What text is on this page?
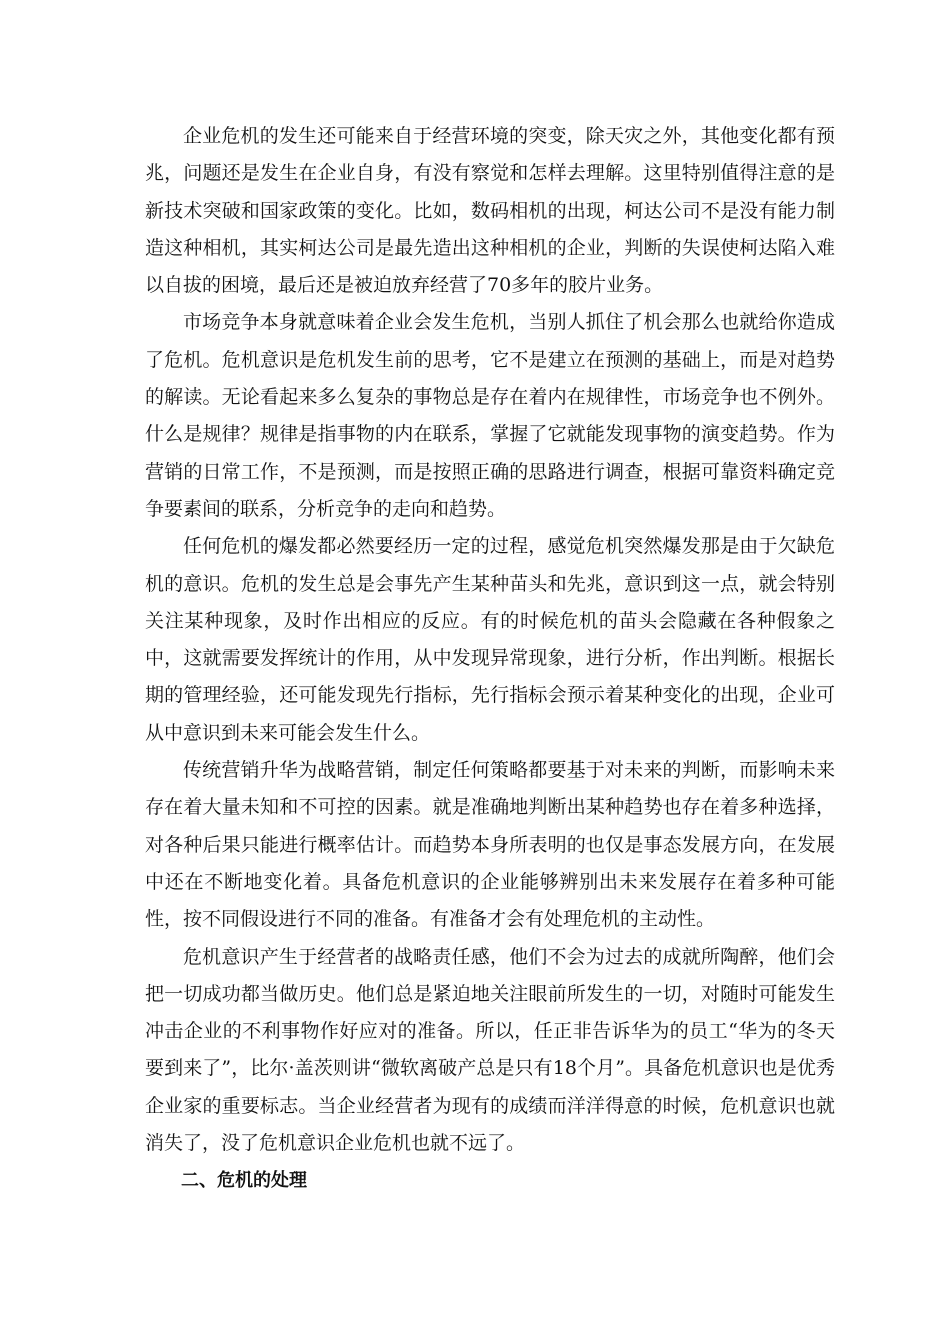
企业危机的发生还可能来自于经营环境的突变，除天灾之外，其他变化都有预兆，问题还是发生在企业自身，有没有察觉和怎样去理解。这里特别值得注意的是新技术突破和国家政策的变化。比如，数码相机的出现，柯达公司不是没有能力制造这种相机，其实柯达公司是最先造出这种相机的企业，判断的失误使柯达陷入难以自拔的困境，最后还是被迫放弃经营了70多年的胶片业务。

市场竞争本身就意味着企业会发生危机，当别人抓住了机会那么也就给你造成了危机。危机意识是危机发生前的思考，它不是建立在预测的基础上，而是对趋势的解读。无论看起来多么复杂的事物总是存在着内在规律性，市场竞争也不例外。什么是规律？规律是指事物的内在联系，掌握了它就能发现事物的演变趋势。作为营销的日常工作，不是预测，而是按照正确的思路进行调查，根据可靠资料确定竞争要素间的联系，分析竞争的走向和趋势。

任何危机的爆发都必然要经历一定的过程，感觉危机突然爆发那是由于欠缺危机的意识。危机的发生总是会事先产生某种苗头和先兆，意识到这一点，就会特别关注某种现象，及时作出相应的反应。有的时候危机的苗头会隐藏在各种假象之中，这就需要发挥统计的作用，从中发现异常现象，进行分析，作出判断。根据长期的管理经验，还可能发现先行指标，先行指标会预示着某种变化的出现，企业可从中意识到未来可能会发生什么。

传统营销升华为战略营销，制定任何策略都要基于对未来的判断，而影响未来存在着大量未知和不可控的因素。就是准确地判断出某种趋势也存在着多种选择，对各种后果只能进行概率估计。而趋势本身所表明的也仅是事态发展方向，在发展中还在不断地变化着。具备危机意识的企业能够辨别出未来发展存在着多种可能性，按不同假设进行不同的准备。有准备才会有处理危机的主动性。

危机意识产生于经营者的战略责任感，他们不会为过去的成就所陶醉，他们会把一切成功都当做历史。他们总是紧迫地关注眼前所发生的一切，对随时可能发生冲击企业的不利事物作好应对的准备。所以，任正非告诉华为的员工“华为的冬天要到来了”，比尔·盖茨则讲“微软离破产总是只有18个月”。具备危机意识也是优秀企业家的重要标志。当企业经营者为现有的成绩而洋洋得意的时候，危机意识也就消失了，没了危机意识企业危机也就不远了。

二、危机的处理
